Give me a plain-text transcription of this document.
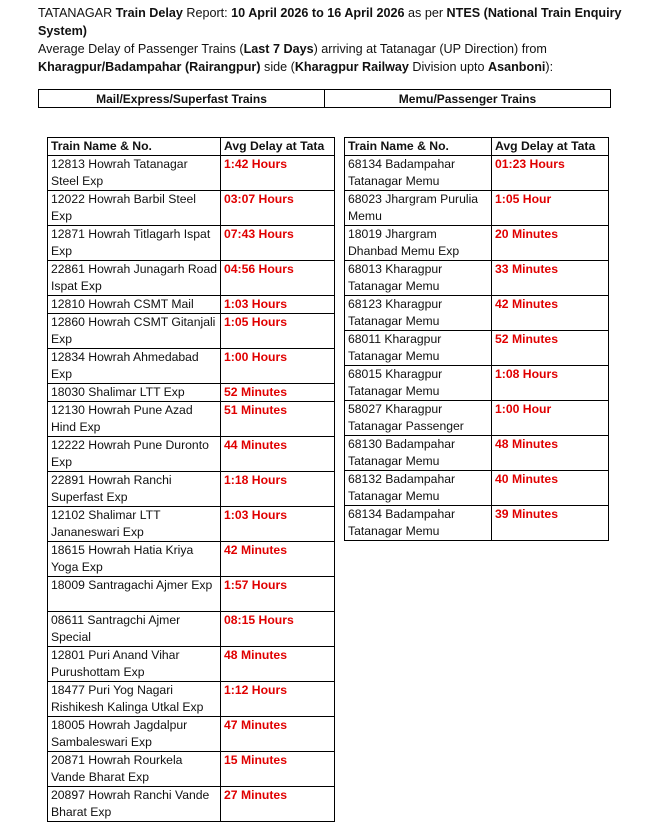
TATANAGAR Train Delay Report: 10 April 2026 to 16 April 2026 as per NTES (National Train Enquiry System)
Average Delay of Passenger Trains (Last 7 Days) arriving at Tatanagar (UP Direction) from
Kharagpur/Badampahar (Rairangpur) side (Kharagpur Railway Division upto Asanboni):
Mail/Express/Superfast Trains	Memu/Passenger Trains
Train Name & No.	Avg Delay at Tata
12813 Howrah Tatanagar Steel Exp	1:42 Hours
12022 Howrah Barbil Steel Exp	03:07 Hours
12871 Howrah Titlagarh Ispat Exp	07:43 Hours
22861 Howrah Junagarh Road Ispat Exp	04:56 Hours
12810 Howrah CSMT Mail	1:03 Hours
12860 Howrah CSMT Gitanjali Exp	1:05 Hours
12834 Howrah Ahmedabad Exp	1:00 Hours
18030 Shalimar LTT Exp	52 Minutes
12130 Howrah Pune Azad Hind Exp	51 Minutes
12222 Howrah Pune Duronto Exp	44 Minutes
22891 Howrah Ranchi Superfast Exp	1:18 Hours
12102 Shalimar LTT Jananeswari Exp	1:03 Hours
18615 Howrah Hatia Kriya Yoga Exp	42 Minutes
18009 Santragachi Ajmer Exp	1:57 Hours
08611 Santragchi Ajmer Special	08:15 Hours
12801 Puri Anand Vihar Purushottam Exp	48 Minutes
18477 Puri Yog Nagari Rishikesh Kalinga Utkal Exp	1:12 Hours
18005 Howrah Jagdalpur Sambaleswari Exp	47 Minutes
20871 Howrah Rourkela Vande Bharat Exp	15 Minutes
20897 Howrah Ranchi Vande Bharat Exp	27 Minutes
Train Name & No.	Avg Delay at Tata
68134 Badampahar Tatanagar Memu	01:23 Hours
68023 Jhargram Purulia Memu	1:05 Hour
18019 Jhargram Dhanbad Memu Exp	20 Minutes
68013 Kharagpur Tatanagar Memu	33 Minutes
68123 Kharagpur Tatanagar Memu	42 Minutes
68011 Kharagpur Tatanagar Memu	52 Minutes
68015 Kharagpur Tatanagar Memu	1:08 Hours
58027 Kharagpur Tatanagar Passenger	1:00 Hour
68130 Badampahar Tatanagar Memu	48 Minutes
68132 Badampahar Tatanagar Memu	40 Minutes
68134 Badampahar Tatanagar Memu	39 Minutes
